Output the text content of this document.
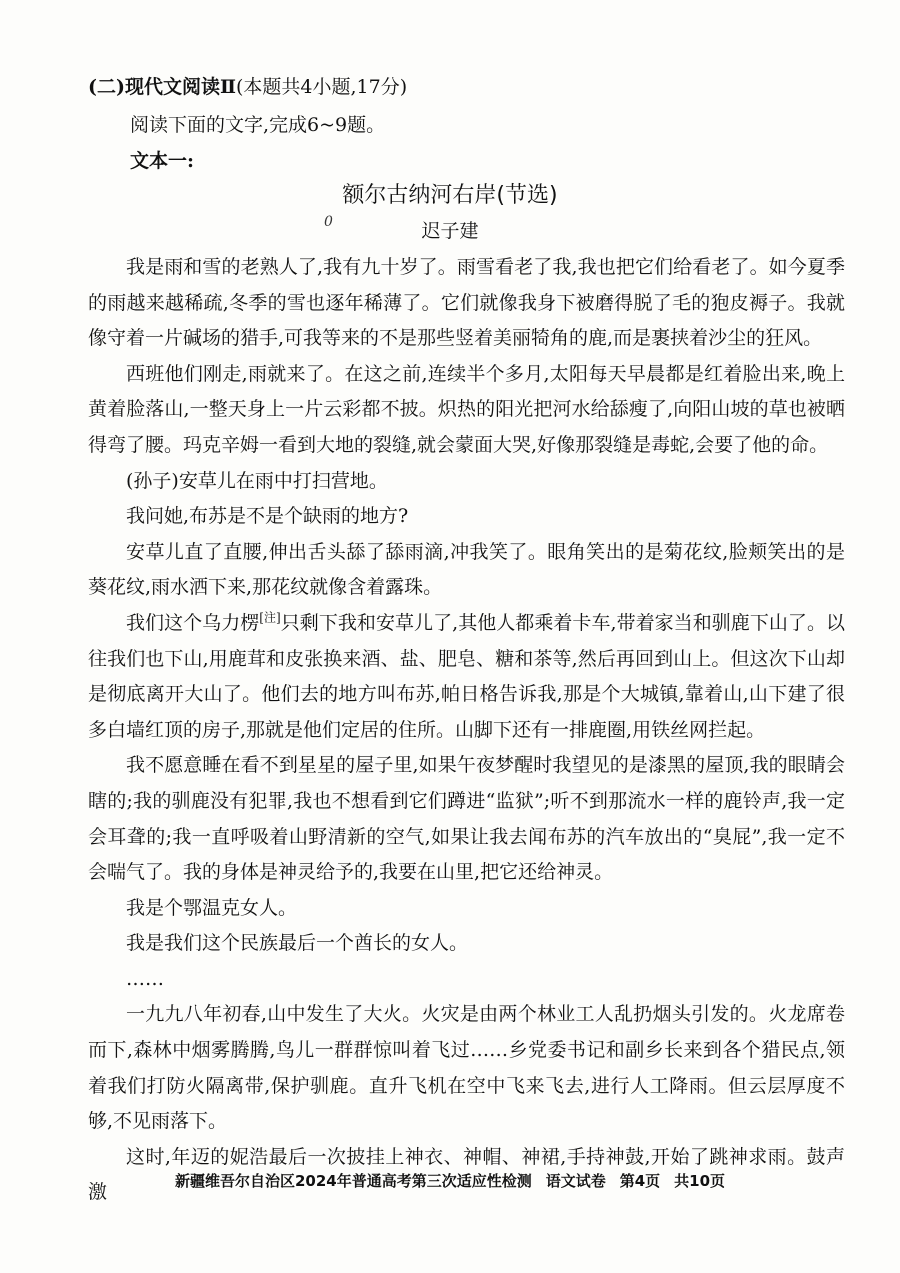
(二)现代文阅读Ⅱ(本题共4小题,17分)
阅读下面的文字,完成6~9题。
文本一:
额尔古纳河右岸(节选)
0	迟子建

我是雨和雪的老熟人了,我有九十岁了。雨雪看老了我,我也把它们给看老了。如今夏季的雨越来越稀疏,冬季的雪也逐年稀薄了。它们就像我身下被磨得脱了毛的狍皮褥子。我就像守着一片碱场的猎手,可我等来的不是那些竖着美丽犄角的鹿,而是裹挟着沙尘的狂风。

西班他们刚走,雨就来了。在这之前,连续半个多月,太阳每天早晨都是红着脸出来,晚上黄着脸落山,一整天身上一片云彩都不披。炽热的阳光把河水给舔瘦了,向阳山坡的草也被晒得弯了腰。玛克辛姆一看到大地的裂缝,就会蒙面大哭,好像那裂缝是毒蛇,会要了他的命。

(孙子)安草儿在雨中打扫营地。

我问她,布苏是不是个缺雨的地方?

安草儿直了直腰,伸出舌头舔了舔雨滴,冲我笑了。眼角笑出的是菊花纹,脸颊笑出的是葵花纹,雨水洒下来,那花纹就像含着露珠。

我们这个乌力楞[注]只剩下我和安草儿了,其他人都乘着卡车,带着家当和驯鹿下山了。以往我们也下山,用鹿茸和皮张换来酒、盐、肥皂、糖和茶等,然后再回到山上。但这次下山却是彻底离开大山了。他们去的地方叫布苏,帕日格告诉我,那是个大城镇,靠着山,山下建了很多白墙红顶的房子,那就是他们定居的住所。山脚下还有一排鹿圈,用铁丝网拦起。

我不愿意睡在看不到星星的屋子里,如果午夜梦醒时我望见的是漆黑的屋顶,我的眼睛会瞎的;我的驯鹿没有犯罪,我也不想看到它们蹲进“监狱”;听不到那流水一样的鹿铃声,我一定会耳聋的;我一直呼吸着山野清新的空气,如果让我去闻布苏的汽车放出的“臭屁”,我一定不会喘气了。我的身体是神灵给予的,我要在山里,把它还给神灵。

我是个鄂温克女人。

我是我们这个民族最后一个酋长的女人。

……

一九九八年初春,山中发生了大火。火灾是由两个林业工人乱扔烟头引发的。火龙席卷而下,森林中烟雾腾腾,鸟儿一群群惊叫着飞过……乡党委书记和副乡长来到各个猎民点,领着我们打防火隔离带,保护驯鹿。直升飞机在空中飞来飞去,进行人工降雨。但云层厚度不够,不见雨落下。

这时,年迈的妮浩最后一次披挂上神衣、神帽、神裙,手持神鼓,开始了跳神求雨。鼓声激

新疆维吾尔自治区2024年普通高考第三次适应性检测 语文试卷 第4页 共10页
